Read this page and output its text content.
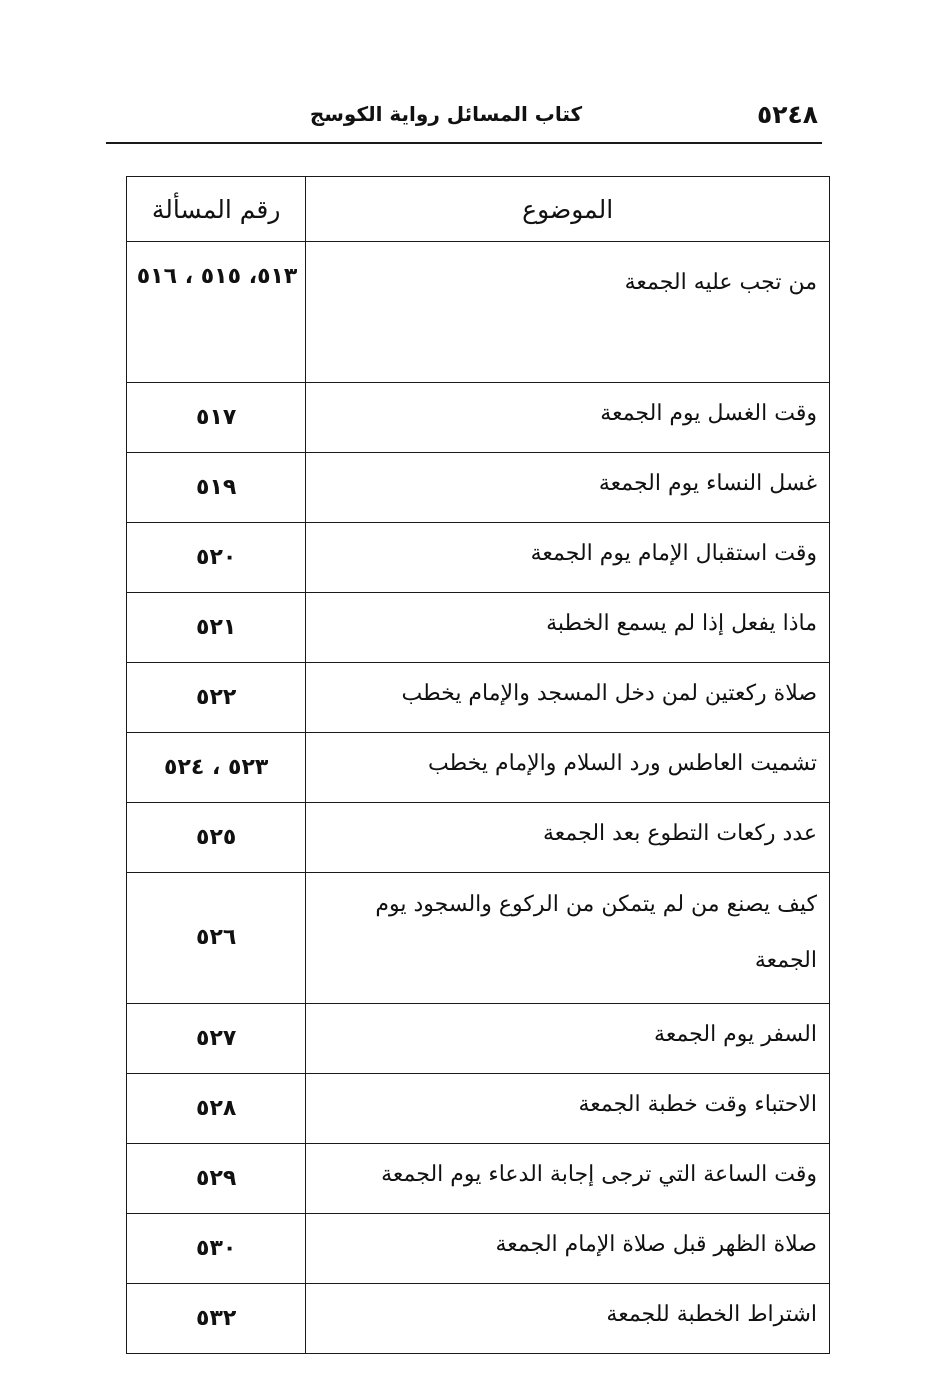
٥٢٤٨
كتاب المسائل رواية الكوسج
الموضوع	رقم المسألة
من تجب عليه الجمعة	٥١٣، ٥١٥ ، ٥١٦
وقت الغسل يوم الجمعة	٥١٧
غسل النساء يوم الجمعة	٥١٩
وقت استقبال الإمام يوم الجمعة	٥٢٠
ماذا يفعل إذا لم يسمع الخطبة	٥٢١
صلاة ركعتين لمن دخل المسجد والإمام يخطب	٥٢٢
تشميت العاطس ورد السلام والإمام يخطب	٥٢٣ ، ٥٢٤
عدد ركعات التطوع بعد الجمعة	٥٢٥
كيف يصنع من لم يتمكن من الركوع والسجود يوم الجمعة	٥٢٦
السفر يوم الجمعة	٥٢٧
الاحتباء وقت خطبة الجمعة	٥٢٨
وقت الساعة التي ترجى إجابة الدعاء يوم الجمعة	٥٢٩
صلاة الظهر قبل صلاة الإمام الجمعة	٥٣٠
اشتراط الخطبة للجمعة	٥٣٢
